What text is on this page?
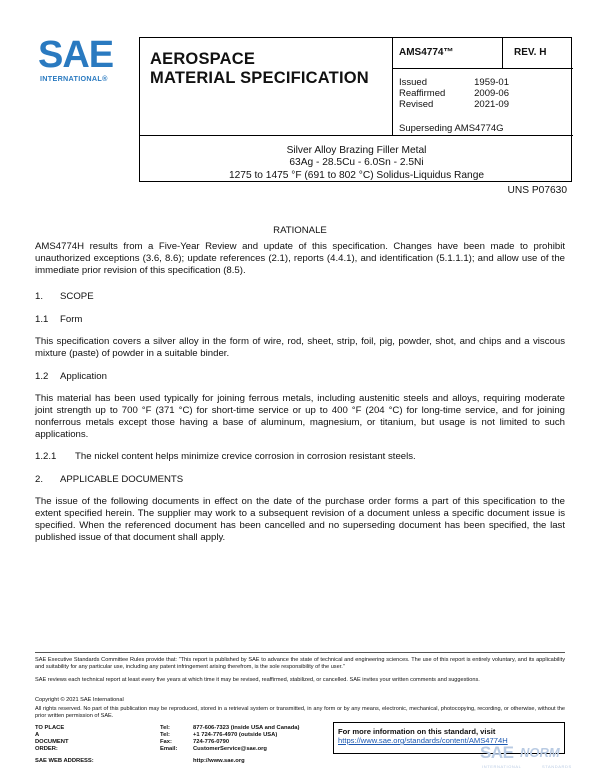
SAE
INTERNATIONAL®
AEROSPACE
MATERIAL SPECIFICATION
AMS4774™	REV. H
Issued	1959-01
Reaffirmed	2009-06
Revised	2021-09
Superseding AMS4774G
Silver Alloy Brazing Filler Metal
63Ag - 28.5Cu - 6.0Sn - 2.5Ni
1275 to 1475 °F (691 to 802 °C) Solidus-Liquidus Range
UNS P07630
RATIONALE
AMS4774H results from a Five-Year Review and update of this specification. Changes have been made to prohibit unauthorized exceptions (3.6, 8.6); update references (2.1), reports (4.4.1), and identification (5.1.1.1); and allow use of the immediate prior revision of this specification (8.5).
1. SCOPE
1.1 Form
This specification covers a silver alloy in the form of wire, rod, sheet, strip, foil, pig, powder, shot, and chips and a viscous mixture (paste) of powder in a suitable binder.
1.2 Application
This material has been used typically for joining ferrous metals, including austenitic steels and alloys, requiring moderate joint strength up to 700 °F (371 °C) for short-time service or up to 400 °F (204 °C) for long-time service, and for joining nonferrous metals except those having a base of aluminum, magnesium, or titanium, but usage is not limited to such applications.
1.2.1 The nickel content helps minimize crevice corrosion in corrosion resistant steels.
2. APPLICABLE DOCUMENTS
The issue of the following documents in effect on the date of the purchase order forms a part of this specification to the extent specified herein. The supplier may work to a subsequent revision of a document unless a specific document issue is specified. When the referenced document has been cancelled and no superseding document has been specified, the last published issue of that document shall apply.
SAE Executive Standards Committee Rules provide that: “This report is published by SAE to advance the state of technical and engineering sciences. The use of this report is entirely voluntary, and its applicability and suitability for any particular use, including any patent infringement arising therefrom, is the sole responsibility of the user.”
SAE reviews each technical report at least every five years at which time it may be revised, reaffirmed, stabilized, or cancelled. SAE invites your written comments and suggestions.
Copyright © 2021 SAE International
All rights reserved. No part of this publication may be reproduced, stored in a retrieval system or transmitted, in any form or by any means, electronic, mechanical, photocopying, recording, or otherwise, without the prior written permission of SAE.
TO PLACE A DOCUMENT ORDER:
Tel:	877-606-7323 (inside USA and Canada)
Tel:	+1 724-776-4970 (outside USA)
Fax:	724-776-0790
Email:	CustomerService@sae.org
SAE WEB ADDRESS:	http://www.sae.org
For more information on this standard, visit
https://www.sae.org/standards/content/AMS4774H
SAE NORM
INTERNATIONAL	STANDARDS
